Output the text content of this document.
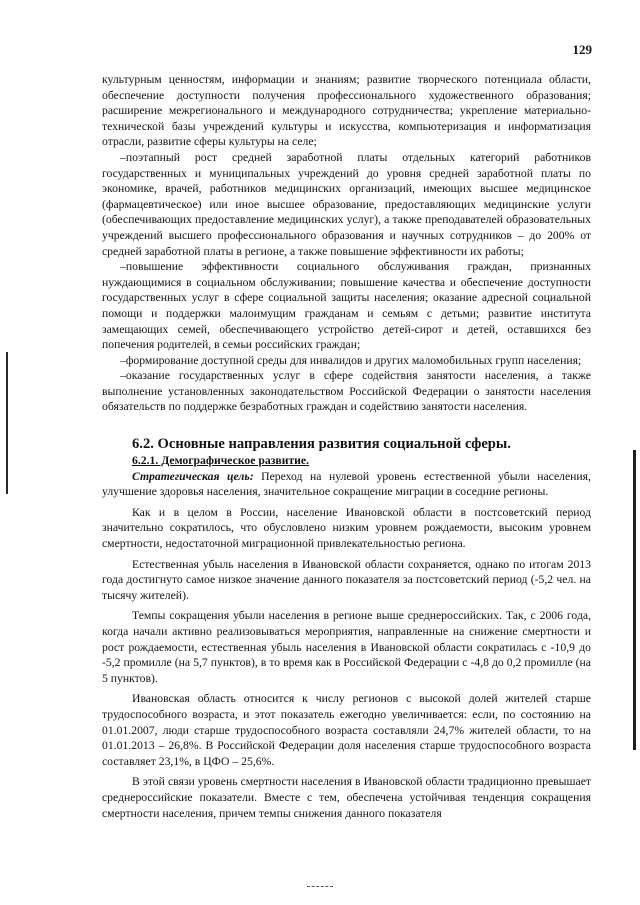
129

культурным ценностям, информации и знаниям; развитие творческого потенциала области, обеспечение доступности получения профессионального художественного образования; расширение межрегионального и международного сотрудничества; укрепление материально-технической базы учреждений культуры и искусства, компьютеризация и информатизация отрасли, развитие сферы культуры на селе;

–поэтапный рост средней заработной платы отдельных категорий работников государственных и муниципальных учреждений до уровня средней заработной платы по экономике, врачей, работников медицинских организаций, имеющих высшее медицинское (фармацевтическое) или иное высшее образование, предоставляющих медицинские услуги (обеспечивающих предоставление медицинских услуг), а также преподавателей образовательных учреждений высшего профессионального образования и научных сотрудников – до 200% от средней заработной платы в регионе, а также повышение эффективности их работы;

–повышение эффективности социального обслуживания граждан, признанных нуждающимися в социальном обслуживании; повышение качества и обеспечение доступности государственных услуг в сфере социальной защиты населения; оказание адресной социальной помощи и поддержки малоимущим гражданам и семьям с детьми; развитие института замещающих семей, обеспечивающего устройство детей-сирот и детей, оставшихся без попечения родителей, в семьи российских граждан;

–формирование доступной среды для инвалидов и других маломобильных групп населения;

–оказание государственных услуг в сфере содействия занятости населения, а также выполнение установленных законодательством Российской Федерации о занятости населения обязательств по поддержке безработных граждан и содействию занятости населения.

6.2. Основные направления развития социальной сферы.

6.2.1. Демографическое развитие.

Стратегическая цель: Переход на нулевой уровень естественной убыли населения, улучшение здоровья населения, значительное сокращение миграции в соседние регионы.

Как и в целом в России, население Ивановской области в постсоветский период значительно сократилось, что обусловлено низким уровнем рождаемости, высоким уровнем смертности, недостаточной миграционной привлекательностью региона.

Естественная убыль населения в Ивановской области сохраняется, однако по итогам 2013 года достигнуто самое низкое значение данного показателя за постсоветский период (-5,2 чел. на тысячу жителей).

Темпы сокращения убыли населения в регионе выше среднероссийских. Так, с 2006 года, когда начали активно реализовываться мероприятия, направленные на снижение смертности и рост рождаемости, естественная убыль населения в Ивановской области сократилась с -10,9 до -5,2 промилле (на 5,7 пунктов), в то время как в Российской Федерации с -4,8 до 0,2 промилле (на 5 пунктов).

Ивановская область относится к числу регионов с высокой долей жителей старше трудоспособного возраста, и этот показатель ежегодно увеличивается: если, по состоянию на 01.01.2007, люди старше трудоспособного возраста составляли 24,7% жителей области, то на 01.01.2013 – 26,8%. В Российской Федерации доля населения старше трудоспособного возраста составляет 23,1%, в ЦФО – 25,6%.

В этой связи уровень смертности населения в Ивановской области традиционно превышает среднероссийские показатели. Вместе с тем, обеспечена устойчивая тенденция сокращения смертности населения, причем темпы снижения данного показателя
